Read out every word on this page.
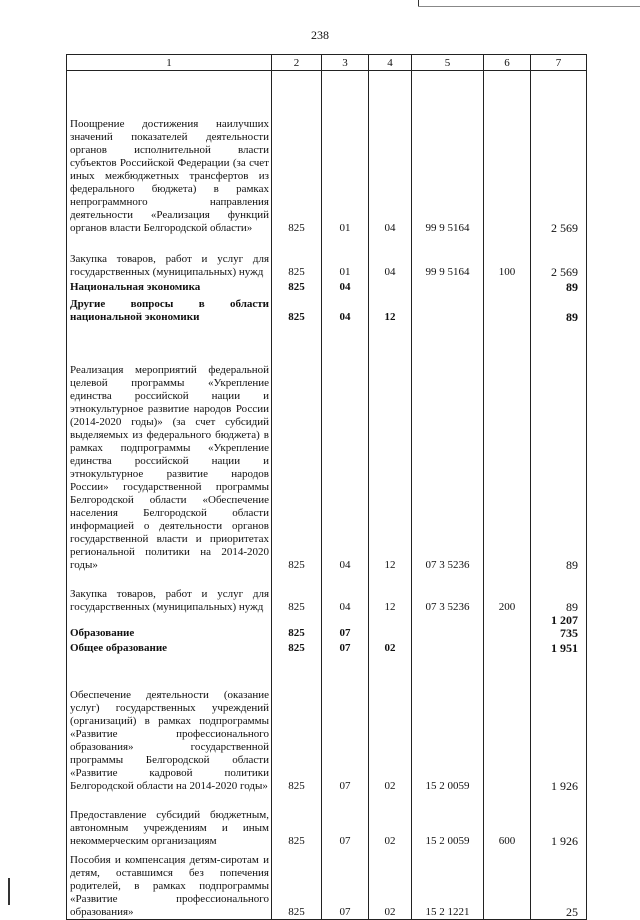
238
1	2	3	4	5	6	7
Поощрение достижения наилучших значений показателей деятельности органов исполнительной власти субъектов Российской Федерации (за счет иных межбюджетных трансфертов из федерального бюджета) в рамках непрограммного направления деятельности «Реализация функций органов власти Белгородской области»	825	01	04	99 9 5164		2 569
Закупка товаров, работ и услуг для государственных (муниципальных) нужд	825	01	04	99 9 5164	100	2 569
Национальная экономика	825	04				89
Другие вопросы в области национальной экономики	825	04	12			89
Реализация мероприятий федеральной целевой программы «Укрепление единства российской нации и этнокультурное развитие народов России (2014-2020 годы)» (за счет субсидий выделяемых из федерального бюджета) в рамках подпрограммы «Укрепление единства российской нации и этнокультурное развитие народов России» государственной программы Белгородской области «Обеспечение населения Белгородской области информацией о деятельности органов государственной власти и приоритетах региональной политики на 2014-2020 годы»	825	04	12	07 3 5236		89
Закупка товаров, работ и услуг для государственных (муниципальных) нужд	825	04	12	07 3 5236	200	89
Образование	825	07				1 207 735
Общее образование	825	07	02			1 951
Обеспечение деятельности (оказание услуг) государственных учреждений (организаций) в рамках подпрограммы «Развитие профессионального образования» государственной программы Белгородской области «Развитие кадровой политики Белгородской области на 2014-2020 годы»	825	07	02	15 2 0059		1 926
Предоставление субсидий бюджетным, автономным учреждениям и иным некоммерческим организациям	825	07	02	15 2 0059	600	1 926
Пособия и компенсация детям-сиротам и детям, оставшимся без попечения родителей, в рамках подпрограммы «Развитие профессионального образования»	825	07	02	15 2 1221		25
